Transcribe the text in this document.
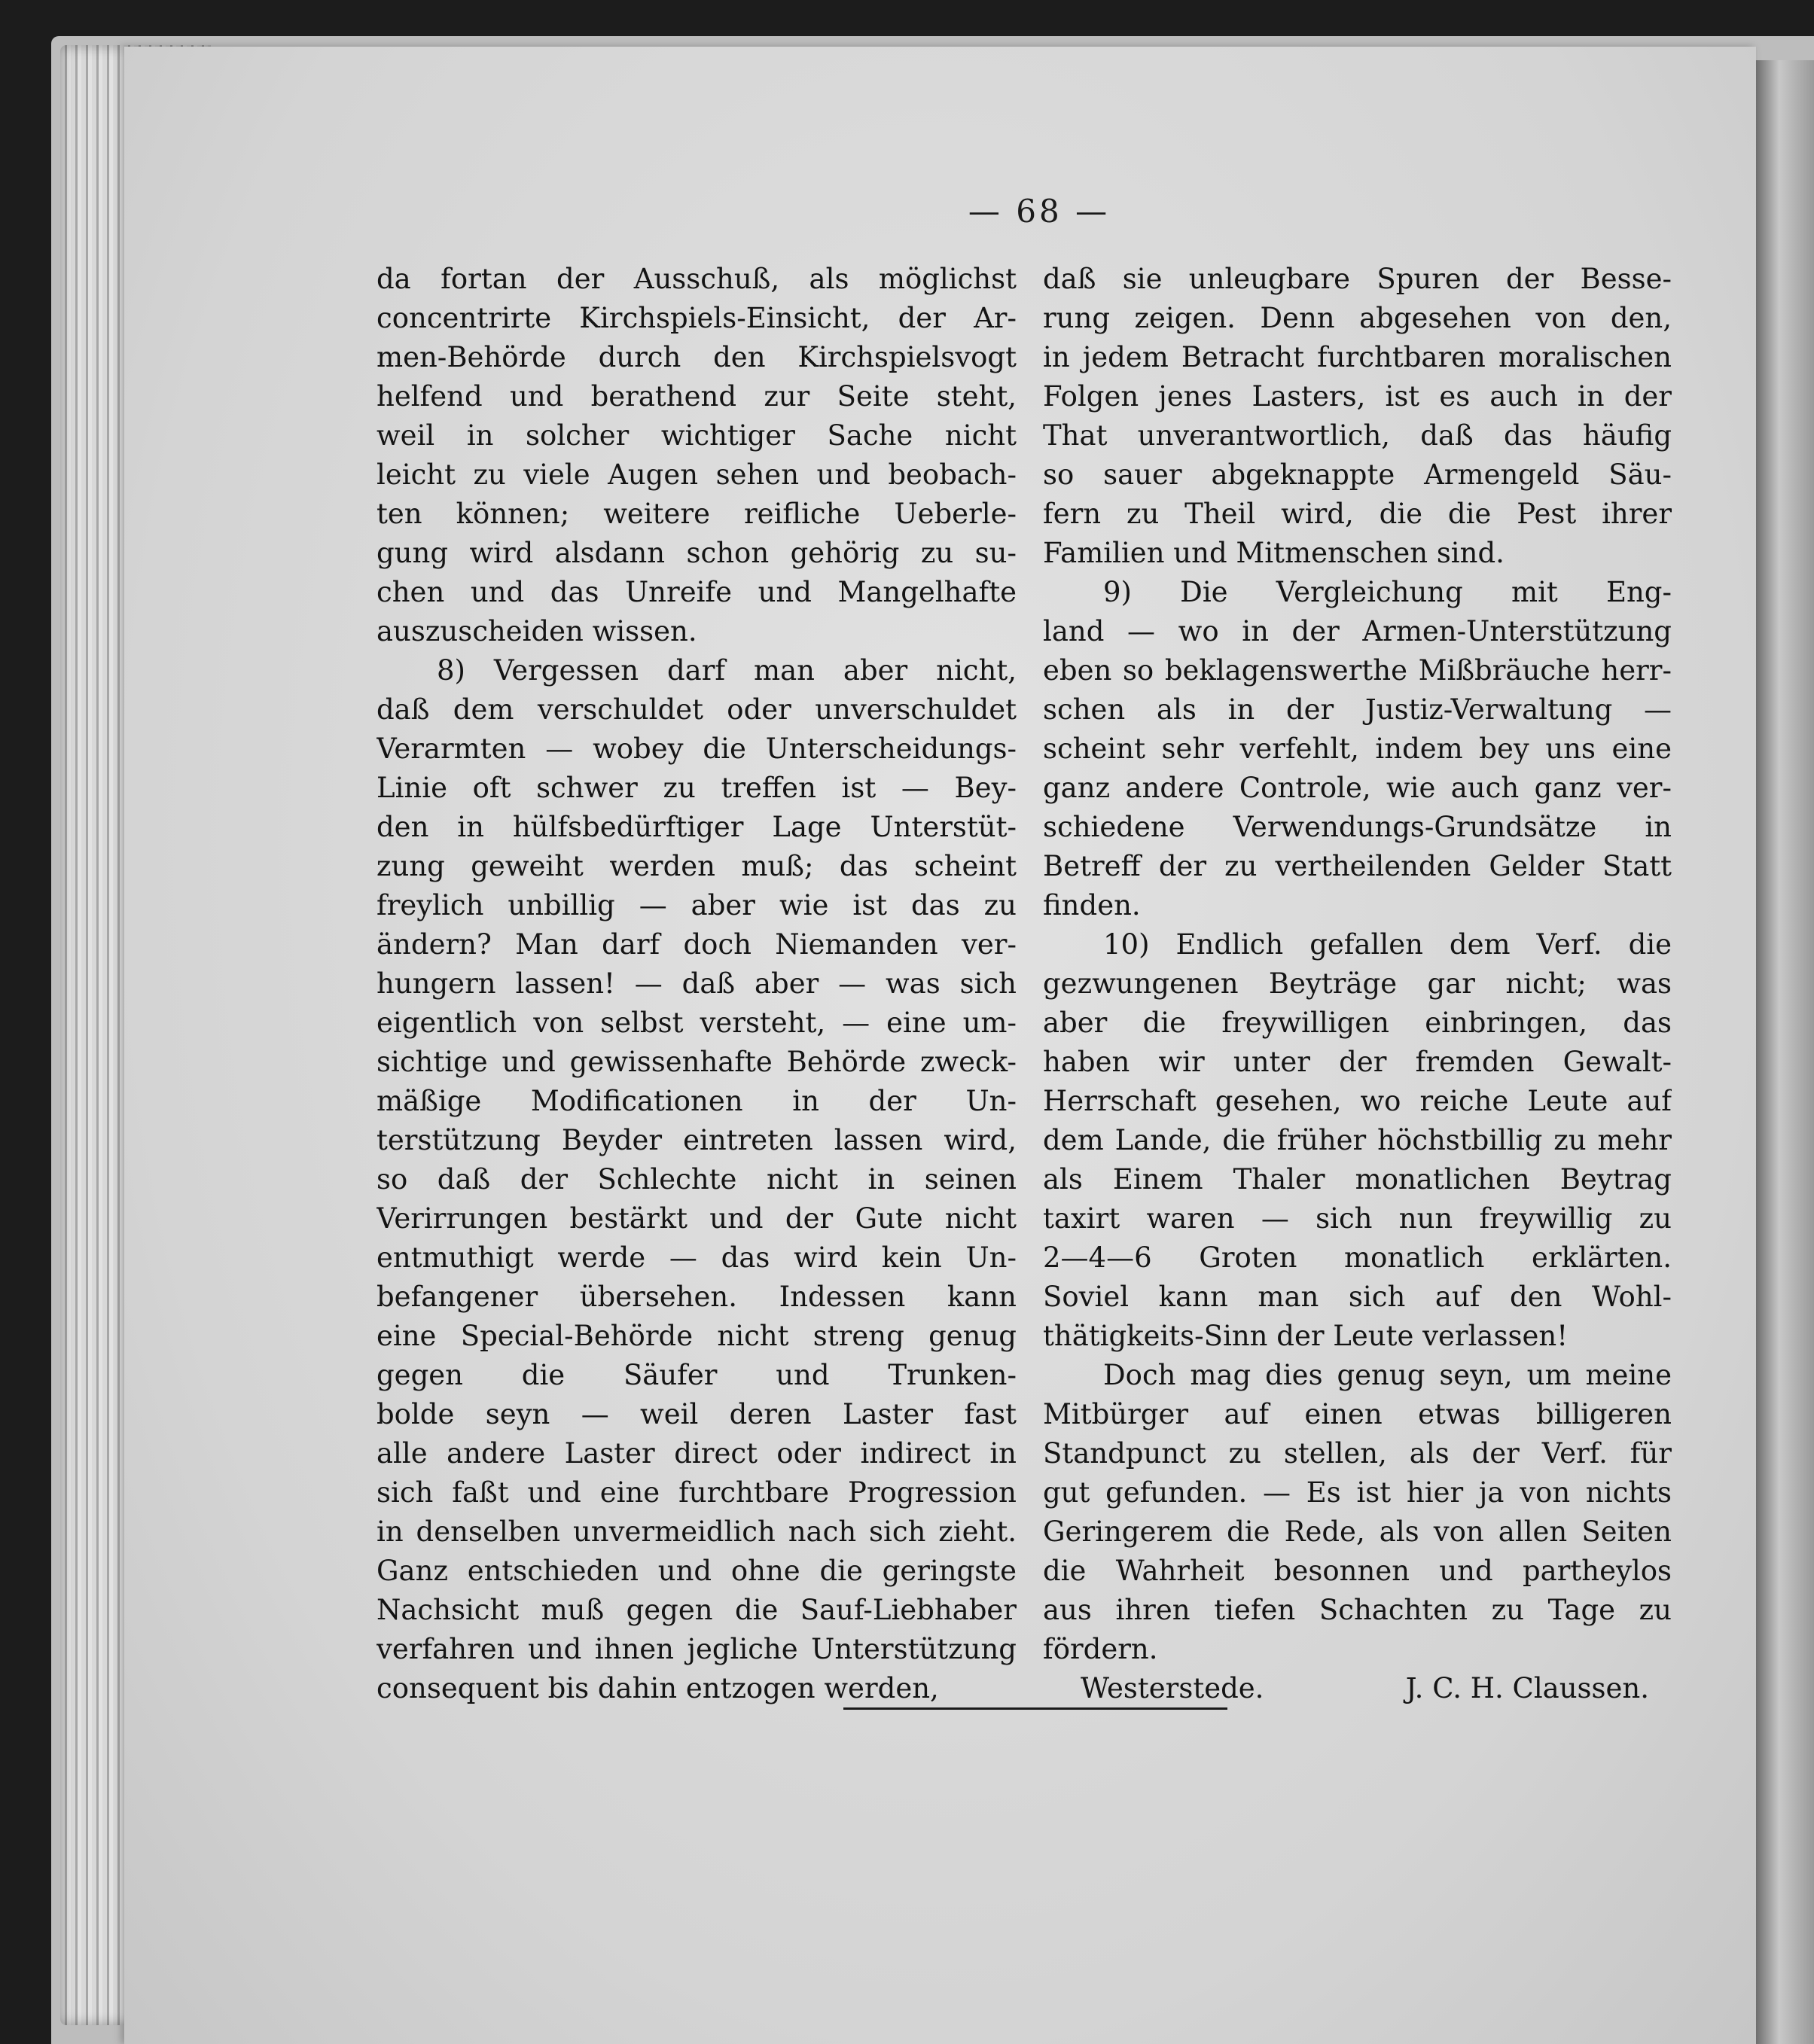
— 68 —
da fortan der Ausschuß, als möglichst
concentrirte Kirchspiels-Einsicht, der Ar-
men-Behörde durch den Kirchspielsvogt
helfend und berathend zur Seite steht,
weil in solcher wichtiger Sache nicht
leicht zu viele Augen sehen und beobach-
ten können; weitere reifliche Ueberle-
gung wird alsdann schon gehörig zu su-
chen und das Unreife und Mangelhafte
auszuscheiden wissen.
8) Vergessen darf man aber nicht,
daß dem verschuldet oder unverschuldet
Verarmten — wobey die Unterscheidungs-
Linie oft schwer zu treffen ist — Bey-
den in hülfsbedürftiger Lage Unterstüt-
zung geweiht werden muß; das scheint
freylich unbillig — aber wie ist das zu
ändern? Man darf doch Niemanden ver-
hungern lassen! — daß aber — was sich
eigentlich von selbst versteht, — eine um-
sichtige und gewissenhafte Behörde zweck-
mäßige Modificationen in der Un-
terstützung Beyder eintreten lassen wird,
so daß der Schlechte nicht in seinen
Verirrungen bestärkt und der Gute nicht
entmuthigt werde — das wird kein Un-
befangener übersehen. Indessen kann
eine Special-Behörde nicht streng genug
gegen die Säufer und Trunken-
bolde seyn — weil deren Laster fast
alle andere Laster direct oder indirect in
sich faßt und eine furchtbare Progression
in denselben unvermeidlich nach sich zieht.
Ganz entschieden und ohne die geringste
Nachsicht muß gegen die Sauf-Liebhaber
verfahren und ihnen jegliche Unterstützung
consequent bis dahin entzogen werden,
daß sie unleugbare Spuren der Besse-
rung zeigen. Denn abgesehen von den,
in jedem Betracht furchtbaren moralischen
Folgen jenes Lasters, ist es auch in der
That unverantwortlich, daß das häufig
so sauer abgeknappte Armengeld Säu-
fern zu Theil wird, die die Pest ihrer
Familien und Mitmenschen sind.
9) Die Vergleichung mit Eng-
land — wo in der Armen-Unterstützung
eben so beklagenswerthe Mißbräuche herr-
schen als in der Justiz-Verwaltung —
scheint sehr verfehlt, indem bey uns eine
ganz andere Controle, wie auch ganz ver-
schiedene Verwendungs-Grundsätze in
Betreff der zu vertheilenden Gelder Statt
finden.
10) Endlich gefallen dem Verf. die
gezwungenen Beyträge gar nicht; was
aber die freywilligen einbringen, das
haben wir unter der fremden Gewalt-
Herrschaft gesehen, wo reiche Leute auf
dem Lande, die früher höchstbillig zu mehr
als Einem Thaler monatlichen Beytrag
taxirt waren — sich nun freywillig zu
2—4—6 Groten monatlich erklärten.
Soviel kann man sich auf den Wohl-
thätigkeits-Sinn der Leute verlassen!
Doch mag dies genug seyn, um meine
Mitbürger auf einen etwas billigeren
Standpunct zu stellen, als der Verf. für
gut gefunden. — Es ist hier ja von nichts
Geringerem die Rede, als von allen Seiten
die Wahrheit besonnen und partheylos
aus ihren tiefen Schachten zu Tage zu
fördern.
Westerstede.	J. C. H. Claussen.
